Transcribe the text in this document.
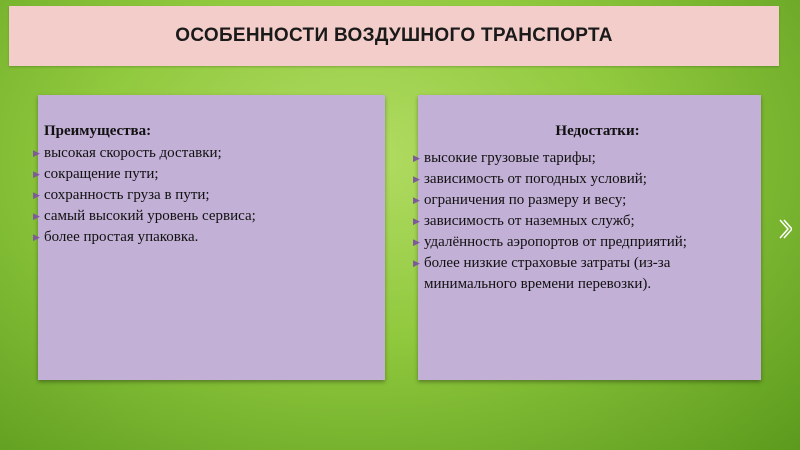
ОСОБЕННОСТИ ВОЗДУШНОГО ТРАНСПОРТА
Преимущества:
▶ высокая скорость доставки;
▶ сокращение пути;
▶ сохранность груза в пути;
▶ самый высокий уровень сервиса;
▶ более простая упаковка.
Недостатки:
▶ высокие грузовые тарифы;
▶ зависимость от погодных условий;
▶ ограничения по размеру и весу;
▶ зависимость от наземных служб;
▶ удалённость аэропортов от предприятий;
▶ более низкие страховые затраты (из-за минимального времени перевозки).
